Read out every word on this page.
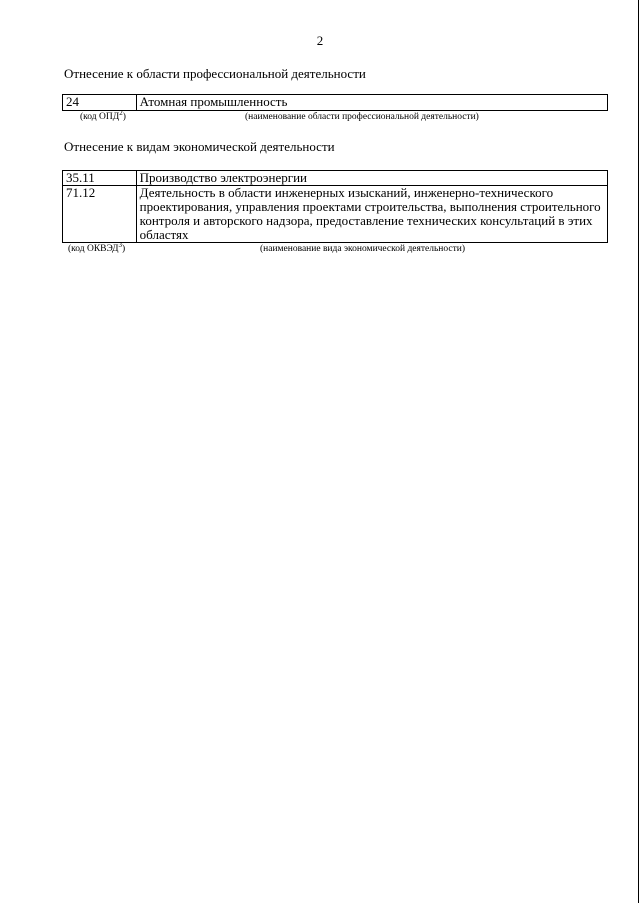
2
Отнесение к области профессиональной деятельности
24	Атомная промышленность
(код ОПД$^2$)	(наименование области профессиональной деятельности)
Отнесение к видам экономической деятельности
35.11	Производство электроэнергии
71.12	Деятельность в области инженерных изысканий, инженерно-технического проектирования, управления проектами строительства, выполнения строительного контроля и авторского надзора, предоставление технических консультаций в этих областях
(код ОКВЭД$^3$)	(наименование вида экономической деятельности)
